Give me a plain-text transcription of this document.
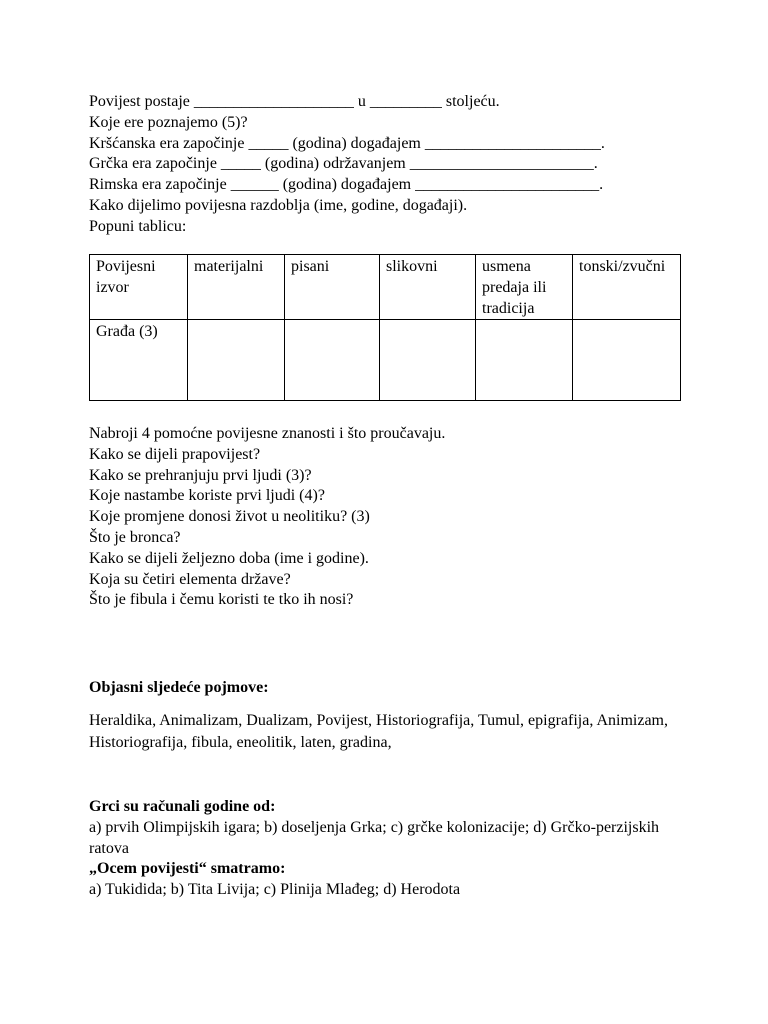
Povijest postaje ____________________ u _________ stoljeću.
Koje ere poznajemo (5)?
Kršćanska era započinje _____ (godina) događajem ______________________.
Grčka era započinje _____ (godina) održavanjem _______________________.
Rimska era započinje ______ (godina) događajem _______________________.
Kako dijelimo povijesna razdoblja (ime, godine, događaji).
Popuni tablicu:
Povijesni izvor	materijalni	pisani	slikovni	usmena predaja ili tradicija	tonski/zvučni
Građa (3)					
Nabroji 4 pomoćne povijesne znanosti i što proučavaju.
Kako se dijeli prapovijest?
Kako se prehranjuju prvi ljudi (3)?
Koje nastambe koriste prvi ljudi (4)?
Koje promjene donosi život u neolitiku? (3)
Što je bronca?
Kako se dijeli željezno doba (ime i godine).
Koja su četiri elementa države?
Što je fibula i čemu koristi te tko ih nosi?
Objasni sljedeće pojmove:
Heraldika, Animalizam, Dualizam, Povijest, Historiografija, Tumul, epigrafija, Animizam, Historiografija, fibula, eneolitik, laten, gradina,
Grci su računali godine od:
a) prvih Olimpijskih igara; b) doseljenja Grka; c) grčke kolonizacije; d) Grčko-perzijskih ratova
„Ocem povijesti“ smatramo:
a) Tukidida; b) Tita Livija; c) Plinija Mlađeg; d) Herodota
